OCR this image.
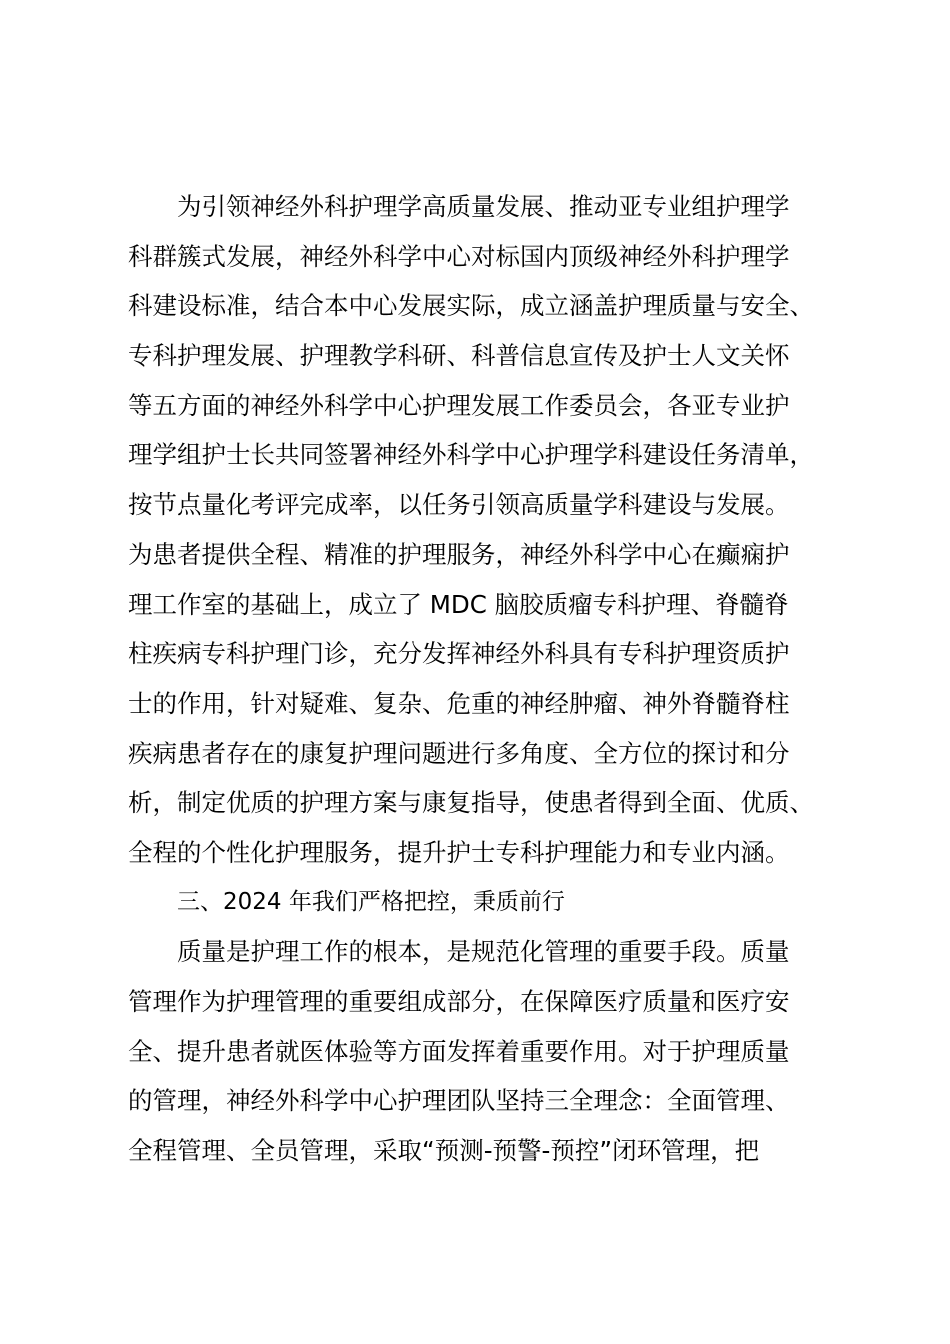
为引领神经外科护理学高质量发展、推动亚专业组护理学
科群簇式发展，神经外科学中心对标国内顶级神经外科护理学
科建设标准，结合本中心发展实际，成立涵盖护理质量与安全、
专科护理发展、护理教学科研、科普信息宣传及护士人文关怀
等五方面的神经外科学中心护理发展工作委员会，各亚专业护
理学组护士长共同签署神经外科学中心护理学科建设任务清单，
按节点量化考评完成率，以任务引领高质量学科建设与发展。
为患者提供全程、精准的护理服务，神经外科学中心在癫痫护
理工作室的基础上，成立了 MDC 脑胶质瘤专科护理、脊髓脊
柱疾病专科护理门诊，充分发挥神经外科具有专科护理资质护
士的作用，针对疑难、复杂、危重的神经肿瘤、神外脊髓脊柱
疾病患者存在的康复护理问题进行多角度、全方位的探讨和分
析，制定优质的护理方案与康复指导，使患者得到全面、优质、
全程的个性化护理服务，提升护士专科护理能力和专业内涵。
三、2024 年我们严格把控，秉质前行
质量是护理工作的根本，是规范化管理的重要手段。质量
管理作为护理管理的重要组成部分，在保障医疗质量和医疗安
全、提升患者就医体验等方面发挥着重要作用。对于护理质量
的管理，神经外科学中心护理团队坚持三全理念：全面管理、
全程管理、全员管理，采取“预测-预警-预控”闭环管理，把
